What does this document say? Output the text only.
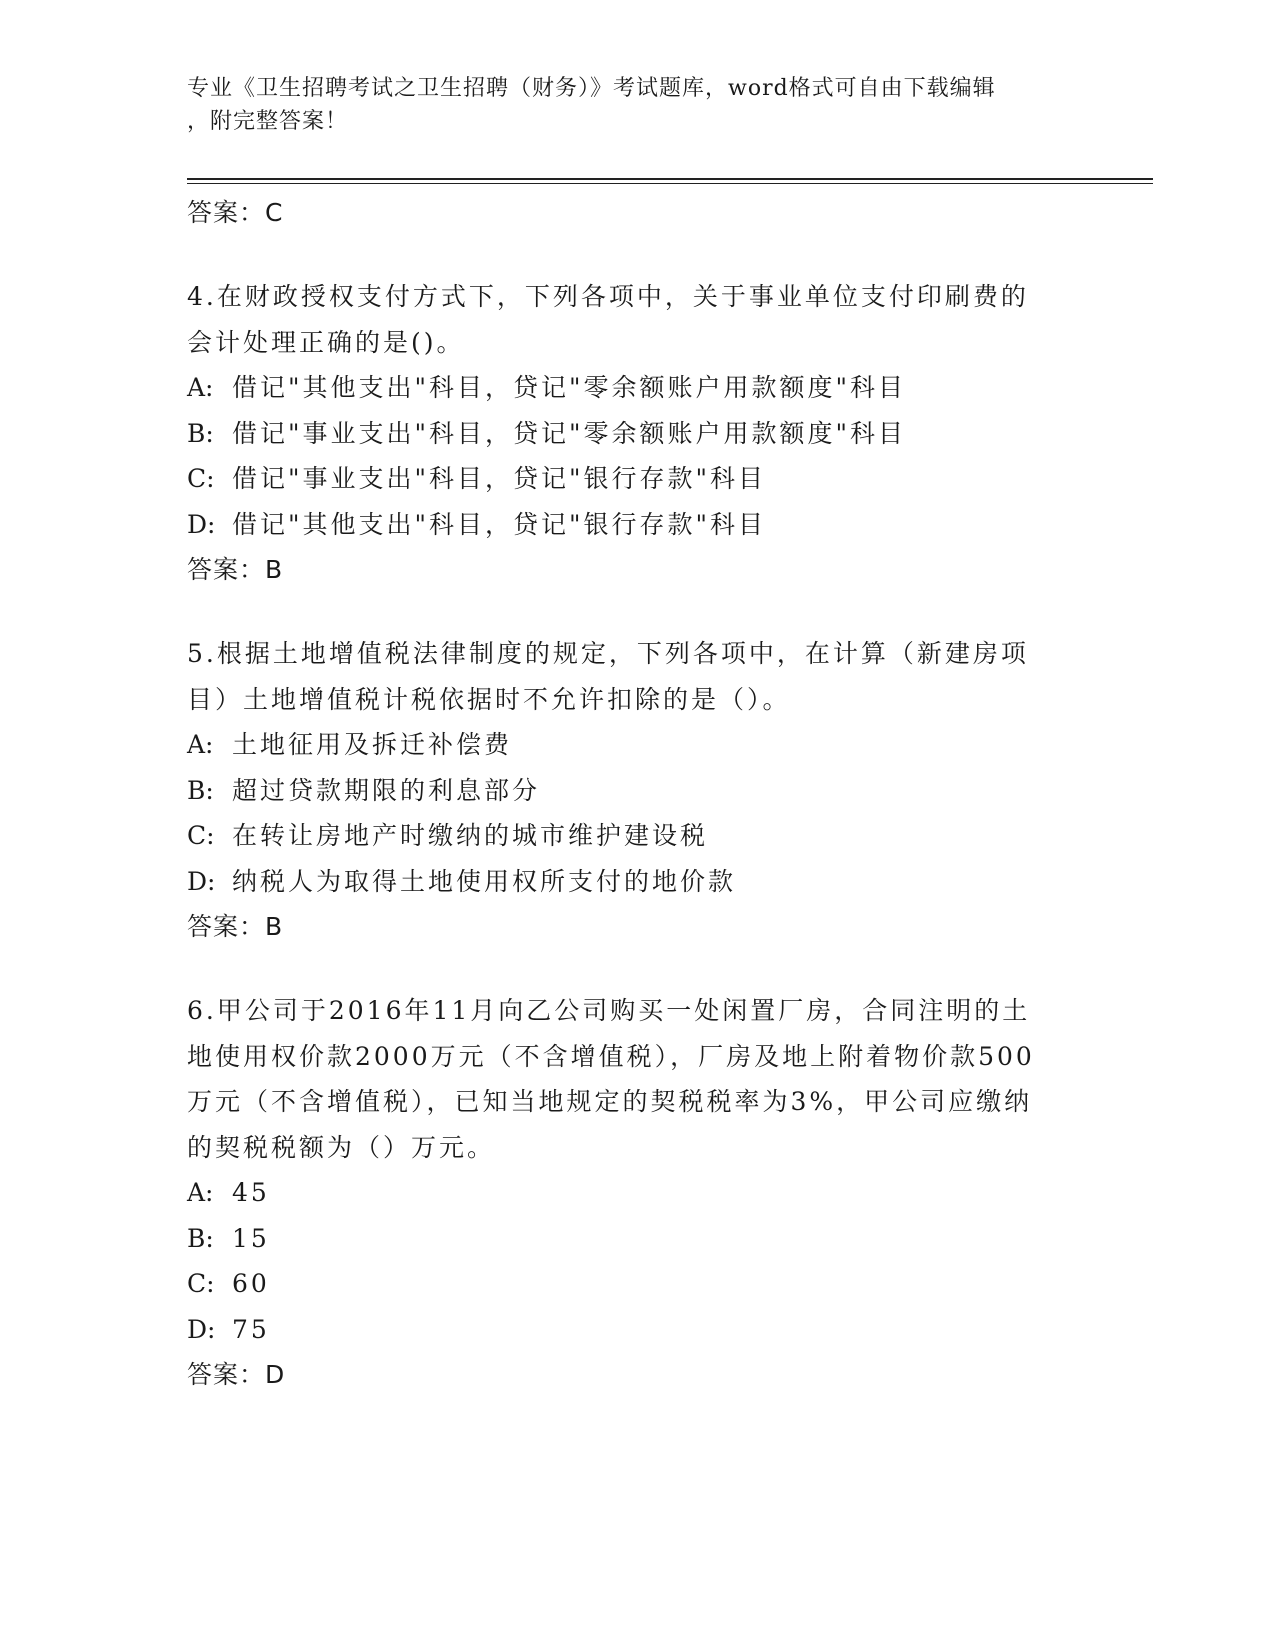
专业《卫生招聘考试之卫生招聘（财务）》考试题库，word格式可自由下载编辑
，附完整答案！
答案：C
4.在财政授权支付方式下，下列各项中，关于事业单位支付印刷费的
会计处理正确的是()。
A: 借记"其他支出"科目，贷记"零余额账户用款额度"科目
B: 借记"事业支出"科目，贷记"零余额账户用款额度"科目
C: 借记"事业支出"科目，贷记"银行存款"科目
D: 借记"其他支出"科目，贷记"银行存款"科目
答案：B
5.根据土地增值税法律制度的规定，下列各项中，在计算（新建房项
目）土地增值税计税依据时不允许扣除的是（）。
A: 土地征用及拆迁补偿费
B: 超过贷款期限的利息部分
C: 在转让房地产时缴纳的城市维护建设税
D: 纳税人为取得土地使用权所支付的地价款
答案：B
6.甲公司于2016年11月向乙公司购买一处闲置厂房，合同注明的土
地使用权价款2000万元（不含增值税），厂房及地上附着物价款500
万元（不含增值税），已知当地规定的契税税率为3%，甲公司应缴纳
的契税税额为（）万元。
A: 45
B: 15
C: 60
D: 75
答案：D
